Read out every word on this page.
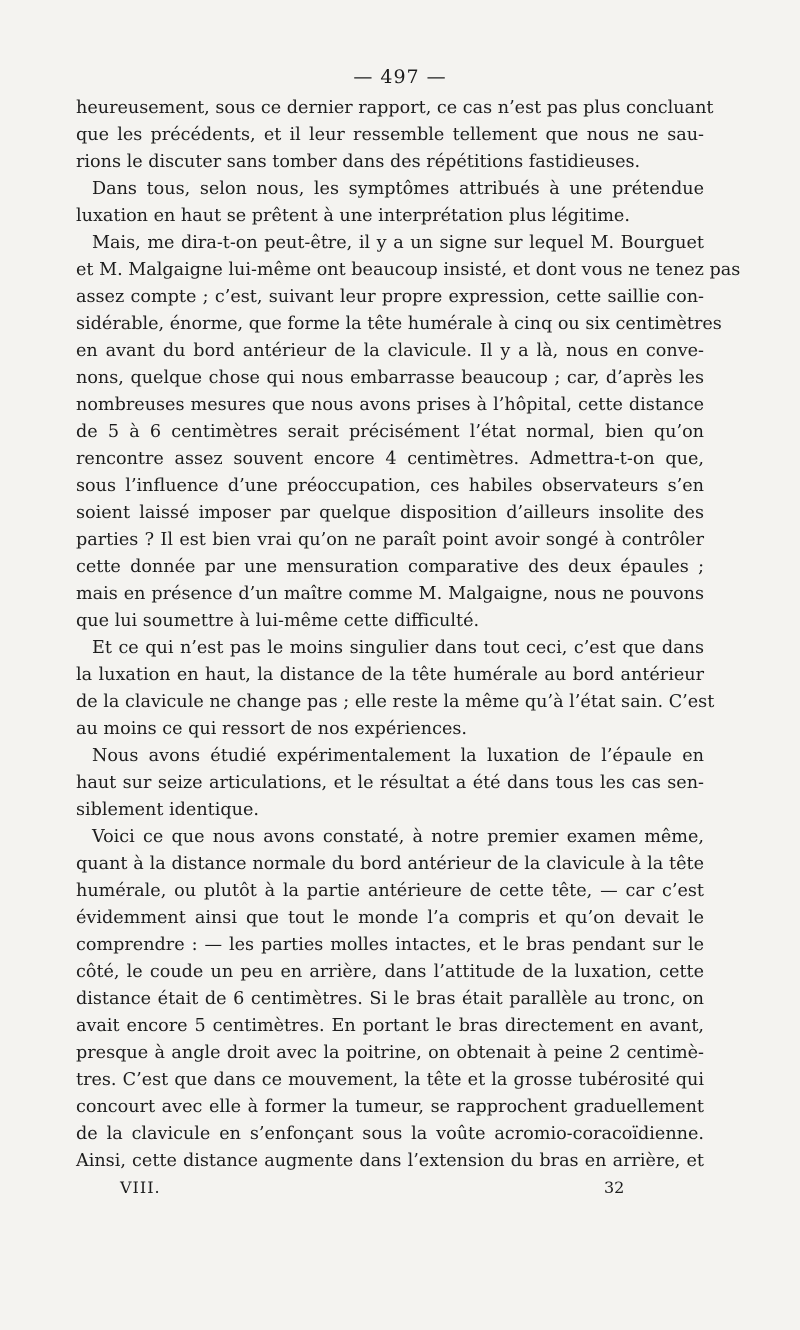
— 497 —
heureusement, sous ce dernier rapport, ce cas n’est pas plus concluant
que les précédents, et il leur ressemble tellement que nous ne sau-
rions le discuter sans tomber dans des répétitions fastidieuses.
Dans tous, selon nous, les symptômes attribués à une prétendue
luxation en haut se prêtent à une interprétation plus légitime.
Mais, me dira-t-on peut-être, il y a un signe sur lequel M. Bourguet
et M. Malgaigne lui-même ont beaucoup insisté, et dont vous ne tenez pas
assez compte ; c’est, suivant leur propre expression, cette saillie con-
sidérable, énorme, que forme la tête humérale à cinq ou six centimètres
en avant du bord antérieur de la clavicule. Il y a là, nous en conve-
nons, quelque chose qui nous embarrasse beaucoup ; car, d’après les
nombreuses mesures que nous avons prises à l’hôpital, cette distance
de 5 à 6 centimètres serait précisément l’état normal, bien qu’on
rencontre assez souvent encore 4 centimètres. Admettra-t-on que,
sous l’influence d’une préoccupation, ces habiles observateurs s’en
soient laissé imposer par quelque disposition d’ailleurs insolite des
parties ? Il est bien vrai qu’on ne paraît point avoir songé à contrôler
cette donnée par une mensuration comparative des deux épaules ;
mais en présence d’un maître comme M. Malgaigne, nous ne pouvons
que lui soumettre à lui-même cette difficulté.
Et ce qui n’est pas le moins singulier dans tout ceci, c’est que dans
la luxation en haut, la distance de la tête humérale au bord antérieur
de la clavicule ne change pas ; elle reste la même qu’à l’état sain. C’est
au moins ce qui ressort de nos expériences.
Nous avons étudié expérimentalement la luxation de l’épaule en
haut sur seize articulations, et le résultat a été dans tous les cas sen-
siblement identique.
Voici ce que nous avons constaté, à notre premier examen même,
quant à la distance normale du bord antérieur de la clavicule à la tête
humérale, ou plutôt à la partie antérieure de cette tête, — car c’est
évidemment ainsi que tout le monde l’a compris et qu’on devait le
comprendre : — les parties molles intactes, et le bras pendant sur le
côté, le coude un peu en arrière, dans l’attitude de la luxation, cette
distance était de 6 centimètres. Si le bras était parallèle au tronc, on
avait encore 5 centimètres. En portant le bras directement en avant,
presque à angle droit avec la poitrine, on obtenait à peine 2 centimè-
tres. C’est que dans ce mouvement, la tête et la grosse tubérosité qui
concourt avec elle à former la tumeur, se rapprochent graduellement
de la clavicule en s’enfonçant sous la voûte acromio-coracoïdienne.
Ainsi, cette distance augmente dans l’extension du bras en arrière, et
VIII.	32
